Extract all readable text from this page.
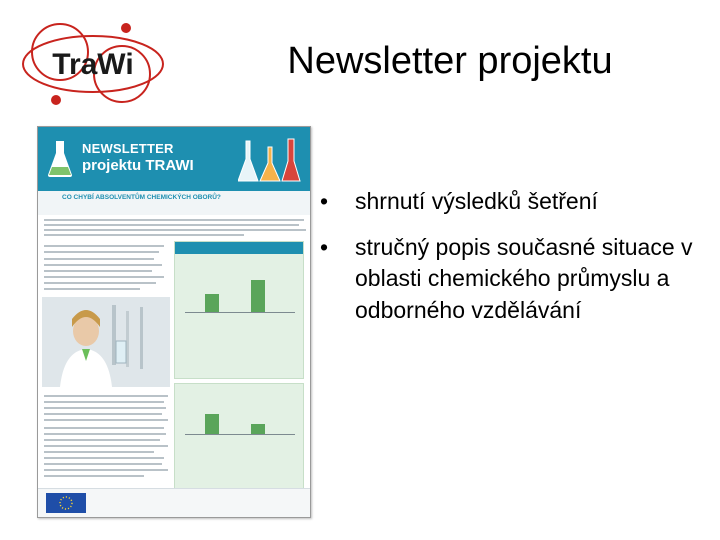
TraWi	Newsletter projektu
NEWSLETTER
projektu TRAWI
CO CHYBÍ ABSOLVENTŮM CHEMICKÝCH OBORŮ?	• shrnutí výsledků šetření
• stručný popis současné situace v oblasti chemického průmyslu a odborného vzdělávání
